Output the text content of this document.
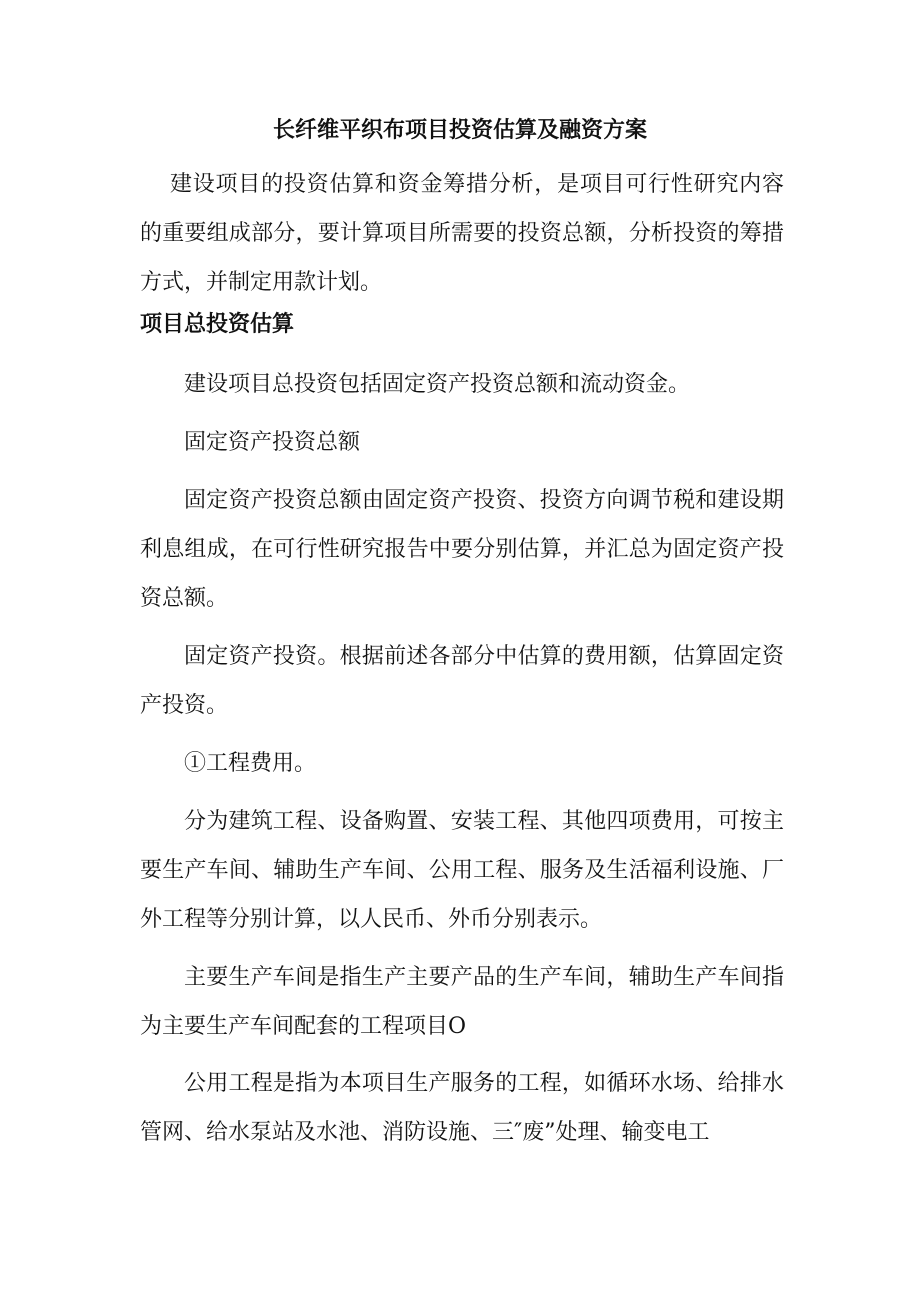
长纤维平织布项目投资估算及融资方案

建设项目的投资估算和资金筹措分析，是项目可行性研究内容的重要组成部分，要计算项目所需要的投资总额，分析投资的筹措方式，并制定用款计划。

项目总投资估算

建设项目总投资包括固定资产投资总额和流动资金。

固定资产投资总额

固定资产投资总额由固定资产投资、投资方向调节税和建设期利息组成，在可行性研究报告中要分别估算，并汇总为固定资产投资总额。

固定资产投资。根据前述各部分中估算的费用额，估算固定资产投资。

①工程费用。

分为建筑工程、设备购置、安装工程、其他四项费用，可按主要生产车间、辅助生产车间、公用工程、服务及生活福利设施、厂外工程等分别计算，以人民币、外币分别表示。

主要生产车间是指生产主要产品的生产车间，辅助生产车间指为主要生产车间配套的工程项目O

公用工程是指为本项目生产服务的工程，如循环水场、给排水管网、给水泵站及水池、消防设施、三″废”处理、输变电工
